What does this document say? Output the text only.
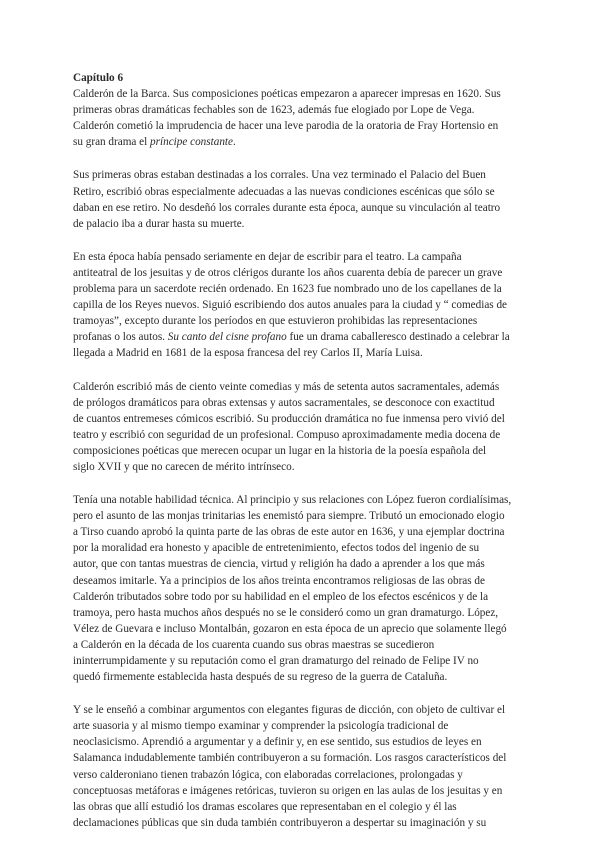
Capítulo 6

Calderón de la Barca. Sus composiciones poéticas empezaron a aparecer impresas en 1620. Sus
primeras obras dramáticas fechables son de 1623, además fue elogiado por Lope de Vega.
Calderón cometió la imprudencia de hacer una leve parodia de la oratoria de Fray Hortensio en
su gran drama el príncipe constante.
Sus primeras obras estaban destinadas a los corrales. Una vez terminado el Palacio del Buen
Retiro, escribió obras especialmente adecuadas a las nuevas condiciones escénicas que sólo se
daban en ese retiro. No desdeñó los corrales durante esta época, aunque su vinculación al teatro
de palacio iba a durar hasta su muerte.
En esta época había pensado seriamente en dejar de escribir para el teatro. La campaña
antiteatral de los jesuitas y de otros clérigos durante los años cuarenta debía de parecer un grave
problema para un sacerdote recién ordenado. En 1623 fue nombrado uno de los capellanes de la
capilla de los Reyes nuevos. Siguió escribiendo dos autos anuales para la ciudad y “ comedias de
tramoyas”, excepto durante los períodos en que estuvieron prohibidas las representaciones
profanas o los autos. Su canto del cisne profano fue un drama caballeresco destinado a celebrar la
llegada a Madrid en 1681 de la esposa francesa del rey Carlos II, María Luisa.
Calderón escribió más de ciento veinte comedias y más de setenta autos sacramentales, además
de prólogos dramáticos para obras extensas y autos sacramentales, se desconoce con exactitud
de cuantos entremeses cómicos escribió. Su producción dramática no fue inmensa pero vivió del
teatro y escribió con seguridad de un profesional. Compuso aproximadamente media docena de
composiciones poéticas que merecen ocupar un lugar en la historia de la poesía española del
siglo XVII y que no carecen de mérito intrínseco.
Tenía una notable habilidad técnica. Al principio y sus relaciones con López fueron cordialísimas,
pero el asunto de las monjas trinitarias les enemistó para siempre. Tributó un emocionado elogio
a Tirso cuando aprobó la quinta parte de las obras de este autor en 1636, y una ejemplar doctrina
por la moralidad era honesto y apacible de entretenimiento, efectos todos del ingenio de su
autor, que con tantas muestras de ciencia, virtud y religión ha dado a aprender a los que más
deseamos imitarle. Ya a principios de los años treinta encontramos religiosas de las obras de
Calderón tributados sobre todo por su habilidad en el empleo de los efectos escénicos y de la
tramoya, pero hasta muchos años después no se le consideró como un gran dramaturgo. López,
Vélez de Guevara e incluso Montalbán, gozaron en esta época de un aprecio que solamente llegó
a Calderón en la década de los cuarenta cuando sus obras maestras se sucedieron
ininterrumpidamente y su reputación como el gran dramaturgo del reinado de Felipe IV no
quedó firmemente establecida hasta después de su regreso de la guerra de Cataluña.
Y se le enseñó a combinar argumentos con elegantes figuras de dicción, con objeto de cultivar el
arte suasoria y al mismo tiempo examinar y comprender la psicología tradicional de
neoclasicismo. Aprendió a argumentar y a definir y, en ese sentido, sus estudios de leyes en
Salamanca indudablemente también contribuyeron a su formación. Los rasgos característicos del
verso calderoniano tienen trabazón lógica, con elaboradas correlaciones, prolongadas y
conceptuosas metáforas e imágenes retóricas, tuvieron su origen en las aulas de los jesuitas y en
las obras que allí estudió los dramas escolares que representaban en el colegio y él las
declamaciones públicas que sin duda también contribuyeron a despertar su imaginación y su
